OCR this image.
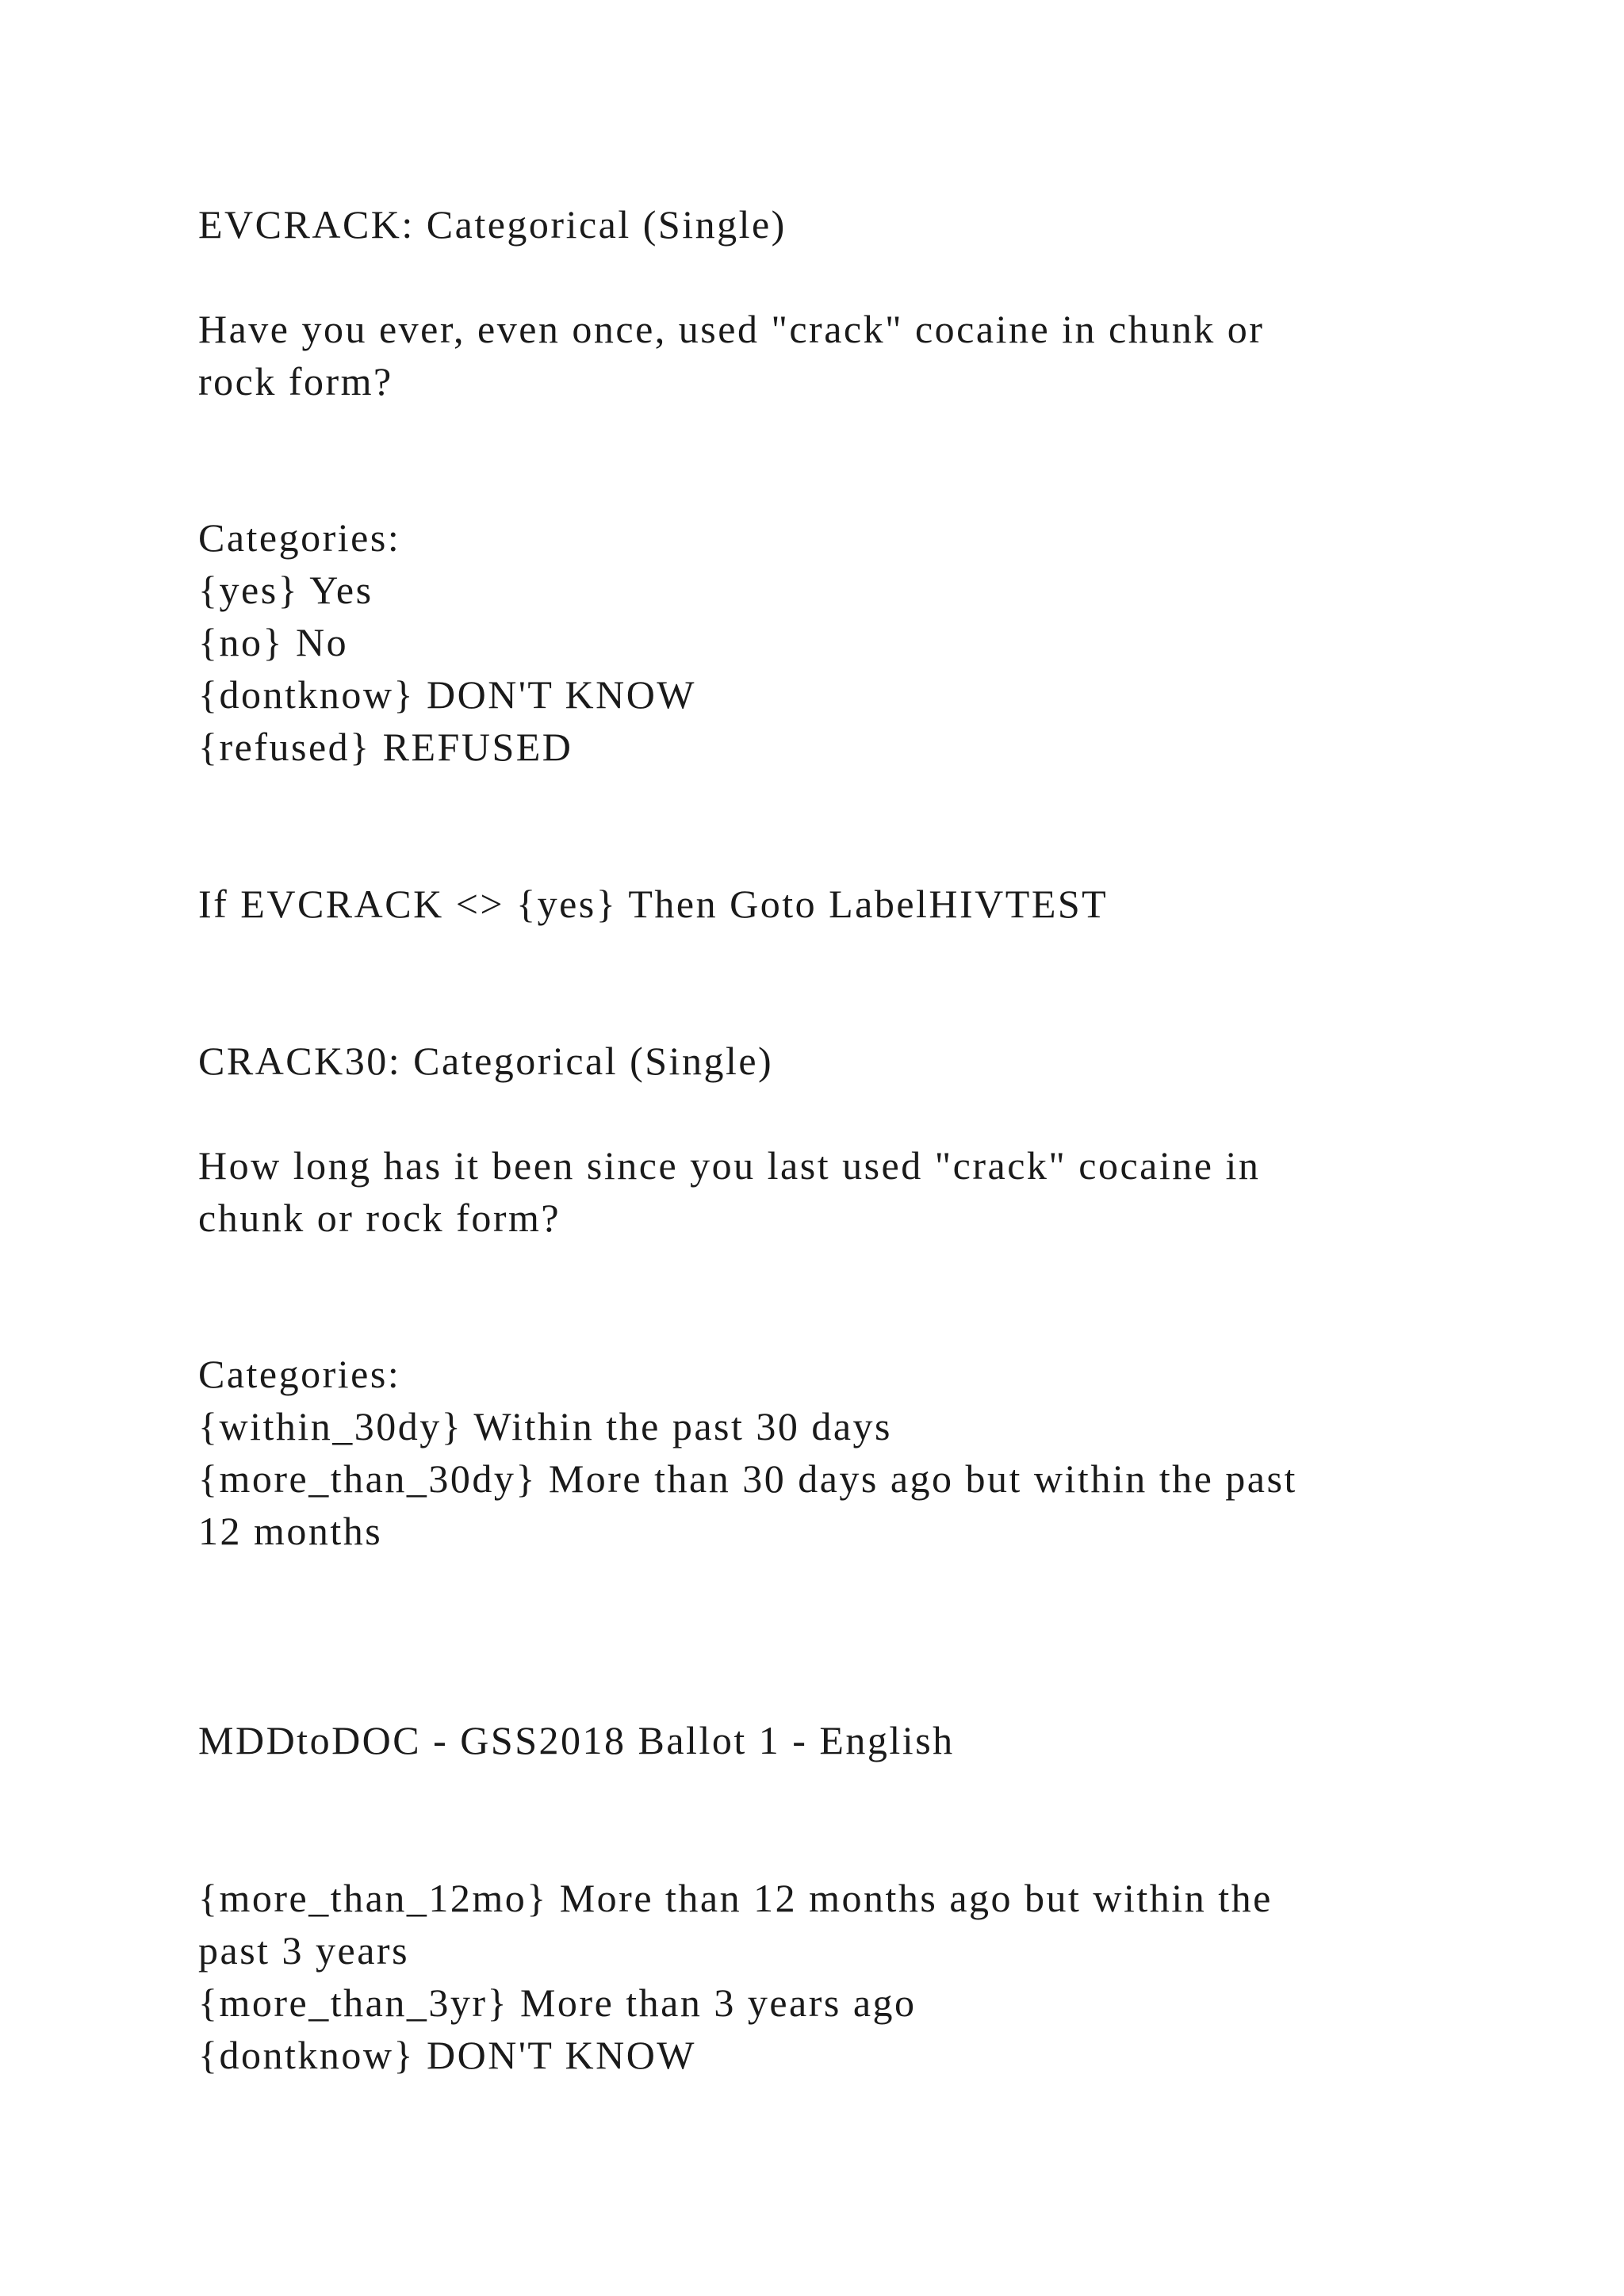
EVCRACK: Categorical (Single)

Have you ever, even once, used "crack" cocaine in chunk or

rock form?

Categories:

{yes} Yes

{no} No

{dontknow} DON'T KNOW

{refused} REFUSED

If EVCRACK <> {yes} Then Goto LabelHIVTEST

CRACK30: Categorical (Single)

How long has it been since you last used "crack" cocaine in

chunk or rock form?

Categories:

{within_30dy} Within the past 30 days

{more_than_30dy} More than 30 days ago but within the past

12 months

MDDtoDOC - GSS2018 Ballot 1 - English

{more_than_12mo} More than 12 months ago but within the

past 3 years

{more_than_3yr} More than 3 years ago

{dontknow} DON'T KNOW
